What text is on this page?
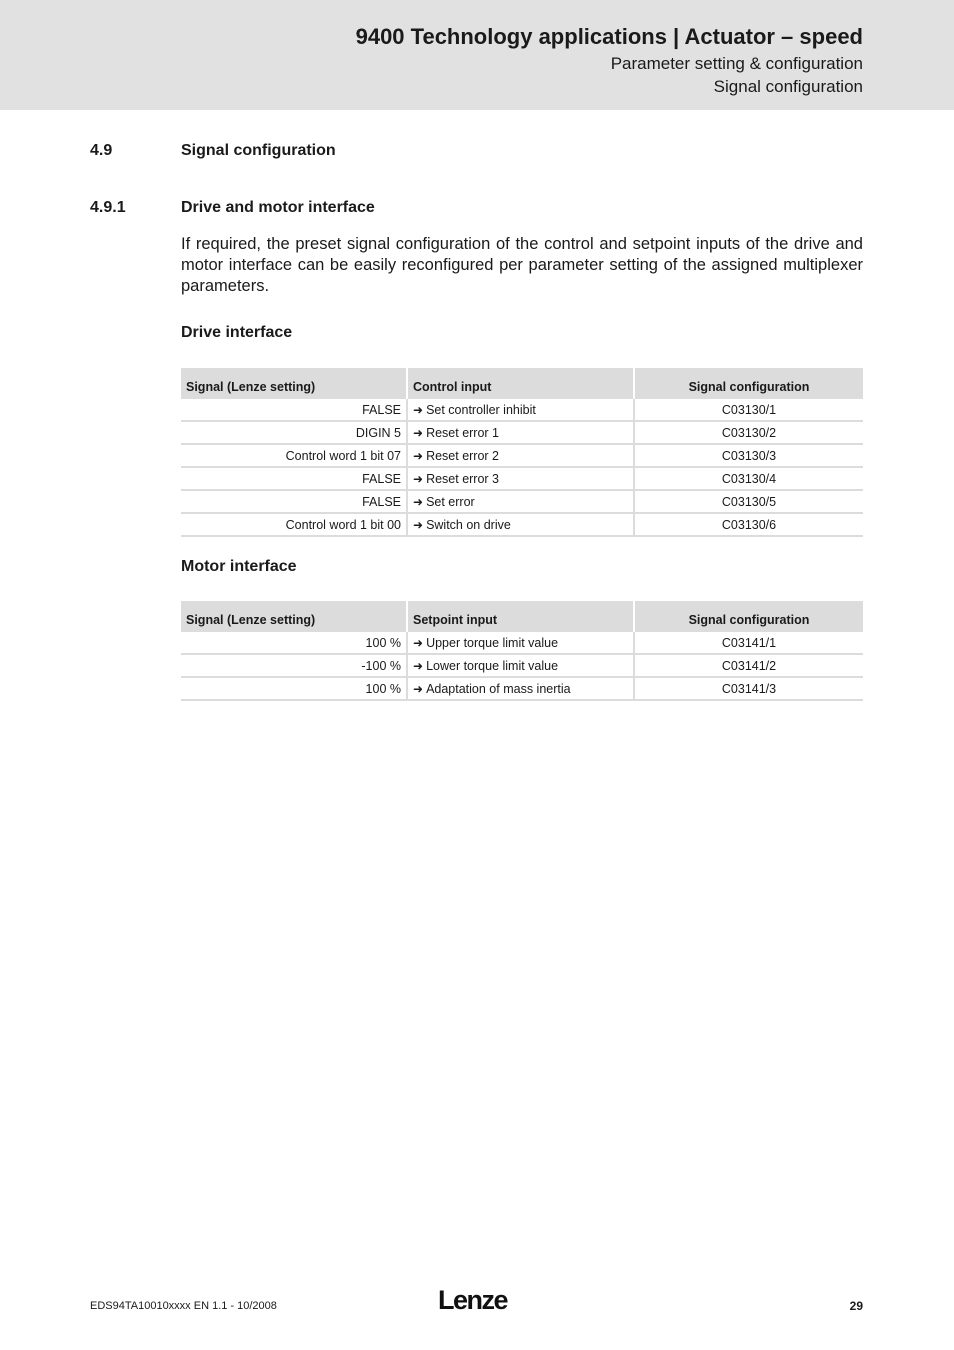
9400 Technology applications | Actuator – speed
Parameter setting & configuration
Signal configuration
4.9	Signal configuration
4.9.1	Drive and motor interface
If required, the preset signal configuration of the control and setpoint inputs of the drive and motor interface can be easily reconfigured per parameter setting of the assigned multiplexer parameters.
Drive interface
Signal (Lenze setting)	Control input	Signal configuration
FALSE	➜ Set controller inhibit	C03130/1
DIGIN 5	➜ Reset error 1	C03130/2
Control word 1 bit 07	➜ Reset error 2	C03130/3
FALSE	➜ Reset error 3	C03130/4
FALSE	➜ Set error	C03130/5
Control word 1 bit 00	➜ Switch on drive	C03130/6
Motor interface
Signal (Lenze setting)	Setpoint input	Signal configuration
100 %	➜ Upper torque limit value	C03141/1
-100 %	➜ Lower torque limit value	C03141/2
100 %	➜ Adaptation of mass inertia	C03141/3
EDS94TA10010xxxx EN 1.1 - 10/2008	Lenze	29
